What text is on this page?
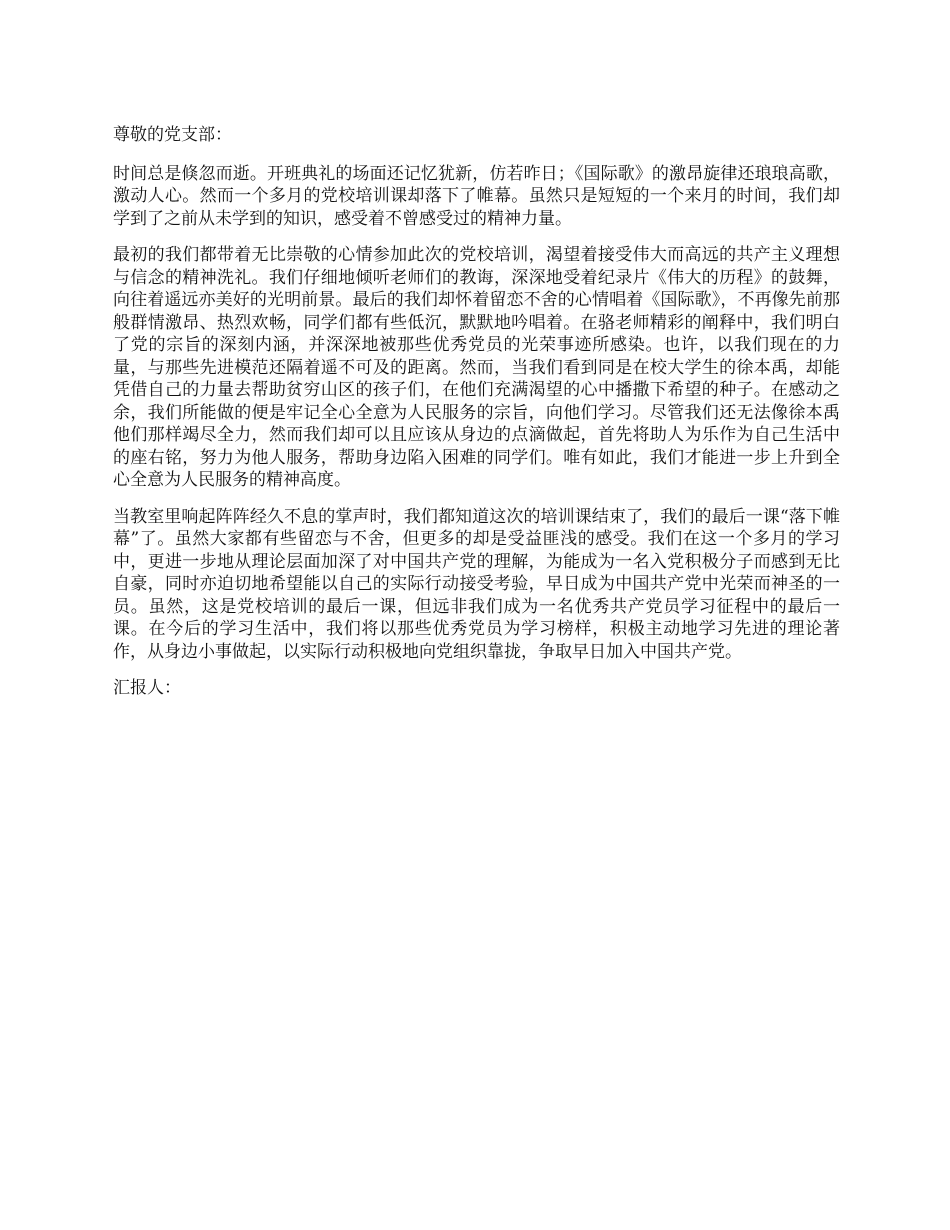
尊敬的党支部：

时间总是倏忽而逝。开班典礼的场面还记忆犹新，仿若昨日；《国际歌》的激昂旋律还琅琅高歌，激动人心。然而一个多月的党校培训课却落下了帷幕。虽然只是短短的一个来月的时间，我们却学到了之前从未学到的知识，感受着不曾感受过的精神力量。

最初的我们都带着无比崇敬的心情参加此次的党校培训，渴望着接受伟大而高远的共产主义理想与信念的精神洗礼。我们仔细地倾听老师们的教诲，深深地受着纪录片《伟大的历程》的鼓舞，向往着遥远亦美好的光明前景。最后的我们却怀着留恋不舍的心情唱着《国际歌》，不再像先前那般群情激昂、热烈欢畅，同学们都有些低沉，默默地吟唱着。在骆老师精彩的阐释中，我们明白了党的宗旨的深刻内涵，并深深地被那些优秀党员的光荣事迹所感染。也许，以我们现在的力量，与那些先进模范还隔着遥不可及的距离。然而，当我们看到同是在校大学生的徐本禹，却能凭借自己的力量去帮助贫穷山区的孩子们，在他们充满渴望的心中播撒下希望的种子。在感动之余，我们所能做的便是牢记全心全意为人民服务的宗旨，向他们学习。尽管我们还无法像徐本禹他们那样竭尽全力，然而我们却可以且应该从身边的点滴做起，首先将助人为乐作为自己生活中的座右铭，努力为他人服务，帮助身边陷入困难的同学们。唯有如此，我们才能进一步上升到全心全意为人民服务的精神高度。

当教室里响起阵阵经久不息的掌声时，我们都知道这次的培训课结束了，我们的最后一课“落下帷幕”了。虽然大家都有些留恋与不舍，但更多的却是受益匪浅的感受。我们在这一个多月的学习中，更进一步地从理论层面加深了对中国共产党的理解，为能成为一名入党积极分子而感到无比自豪，同时亦迫切地希望能以自己的实际行动接受考验，早日成为中国共产党中光荣而神圣的一员。虽然，这是党校培训的最后一课，但远非我们成为一名优秀共产党员学习征程中的最后一课。在今后的学习生活中，我们将以那些优秀党员为学习榜样，积极主动地学习先进的理论著作，从身边小事做起，以实际行动积极地向党组织靠拢，争取早日加入中国共产党。

汇报人：
